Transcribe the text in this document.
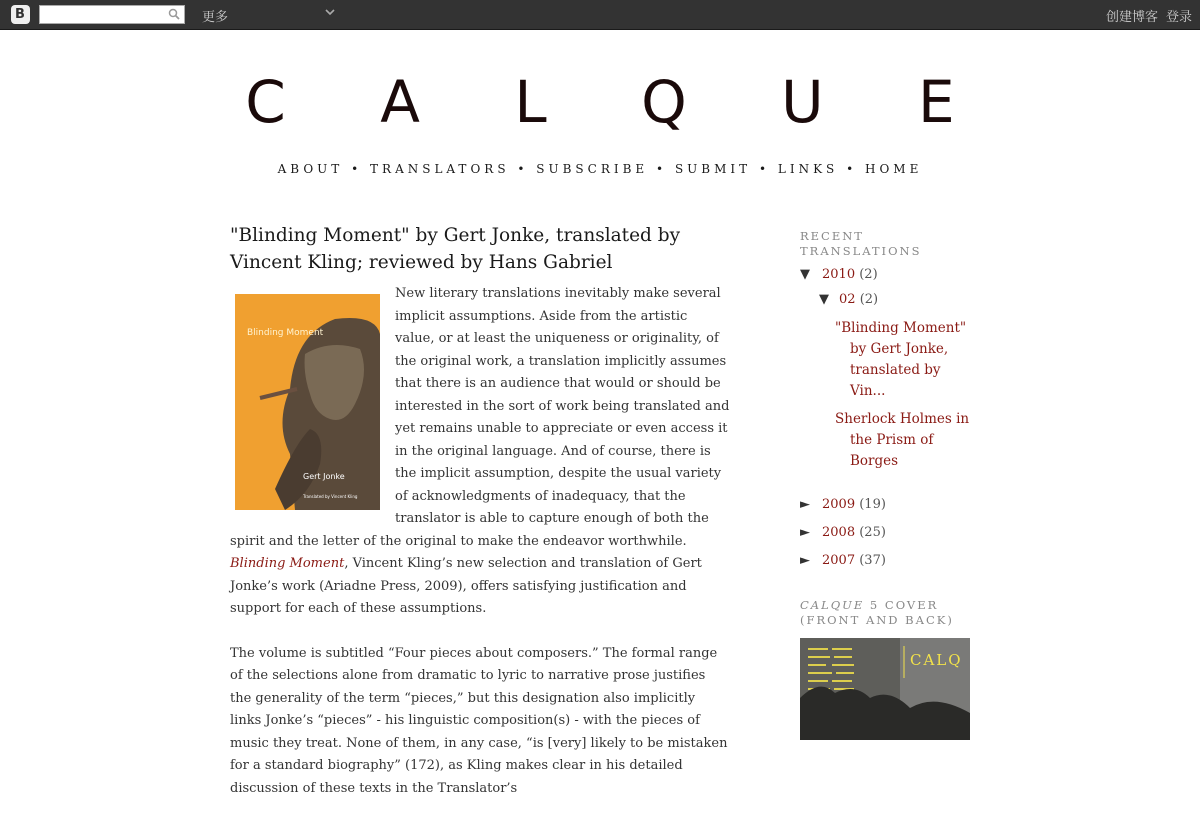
B	更多	创建博客 登录
C A L Q U E
ABOUT • TRANSLATORS • SUBSCRIBE • SUBMIT • LINKS • HOME
"Blinding Moment" by Gert Jonke, translated by Vincent Kling; reviewed by Hans Gabriel
Blinding Moment
Gert Jonke
Translated by Vincent Kling

New literary translations inevitably make several implicit assumptions. Aside from the artistic value, or at least the uniqueness or originality, of the original work, a translation implicitly assumes that there is an audience that would or should be interested in the sort of work being translated and yet remains unable to appreciate or even access it in the original language. And of course, there is the implicit assumption, despite the usual variety of acknowledgments of inadequacy, that the translator is able to capture enough of both the spirit and the letter of the original to make the endeavor worthwhile. Blinding Moment, Vincent Kling’s new selection and translation of Gert Jonke’s work (Ariadne Press, 2009), offers satisfying justification and support for each of these assumptions.

The volume is subtitled “Four pieces about composers.” The formal range of the selections alone from dramatic to lyric to narrative prose justifies the generality of the term “pieces,” but this designation also implicitly links Jonke’s “pieces” - his linguistic composition(s) - with the pieces of music they treat. None of them, in any case, “is [very] likely to be mistaken for a standard biography” (172), as Kling makes clear in his detailed discussion of these texts in the Translator’s

RECENT TRANSLATIONS
▼ 2010 (2)
▼ 02 (2)
"Blinding Moment" by Gert Jonke, translated by Vin...
Sherlock Holmes in the Prism of Borges
► 2009 (19)
► 2008 (25)
► 2007 (37)
CALQUE 5 COVER (FRONT AND BACK)
CALQ
